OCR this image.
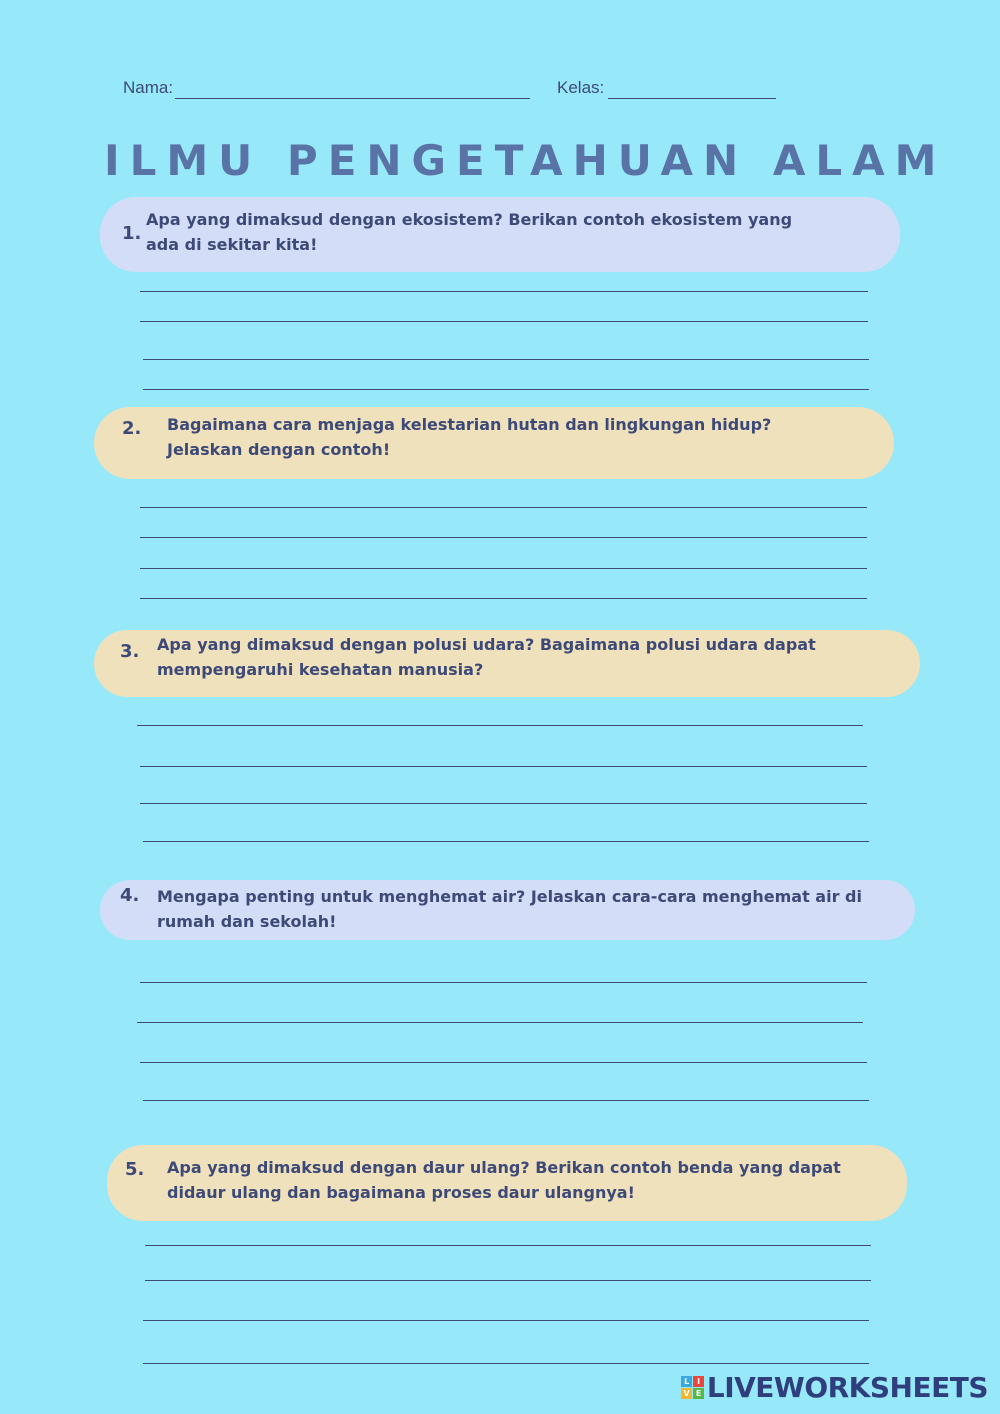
Nama:	Kelas:
ILMU PENGETAHUAN ALAM
1.
Apa yang dimaksud dengan ekosistem? Berikan contoh ekosistem yang ada di sekitar kita!
2. Bagaimana cara menjaga kelestarian hutan dan lingkungan hidup? Jelaskan dengan contoh!
3. Apa yang dimaksud dengan polusi udara? Bagaimana polusi udara dapat mempengaruhi kesehatan manusia?
4. Mengapa penting untuk menghemat air? Jelaskan cara-cara menghemat air di rumah dan sekolah!
5. Apa yang dimaksud dengan daur ulang? Berikan contoh benda yang dapat didaur ulang dan bagaimana proses daur ulangnya!
L	I
V E LIVEWORKSHEETS
